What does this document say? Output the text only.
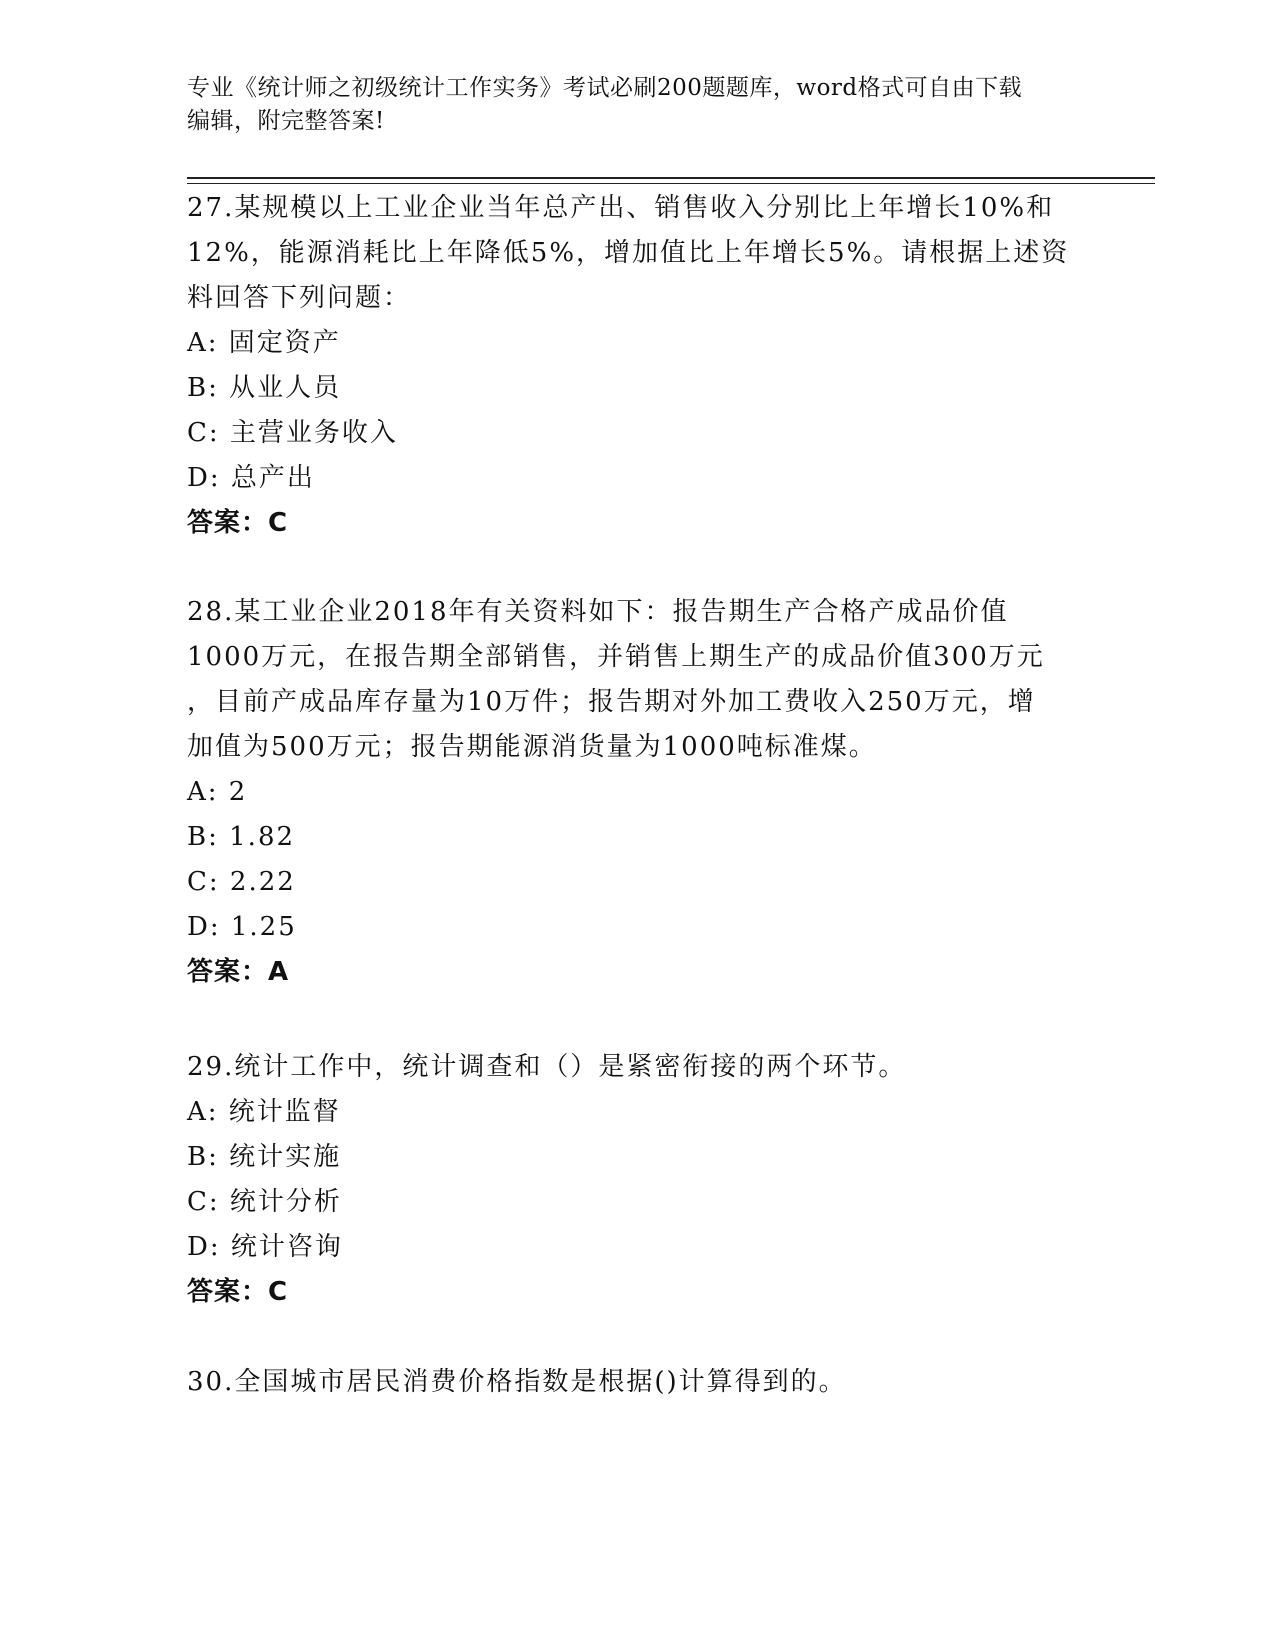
专业《统计师之初级统计工作实务》考试必刷200题题库，word格式可自由下载
编辑，附完整答案!

27.某规模以上工业企业当年总产出、销售收入分别比上年增长10%和

12%，能源消耗比上年降低5%，增加值比上年增长5%。请根据上述资

料回答下列问题：

A: 固定资产

B: 从业人员

C: 主营业务收入

D: 总产出

答案：C

28.某工业企业2018年有关资料如下：报告期生产合格产成品价值

1000万元，在报告期全部销售，并销售上期生产的成品价值300万元

，目前产成品库存量为10万件；报告期对外加工费收入250万元，增

加值为500万元；报告期能源消货量为1000吨标准煤。

A: 2

B: 1.82

C: 2.22

D: 1.25

答案：A

29.统计工作中，统计调查和（）是紧密衔接的两个环节。

A: 统计监督

B: 统计实施

C: 统计分析

D: 统计咨询

答案：C

30.全国城市居民消费价格指数是根据()计算得到的。
